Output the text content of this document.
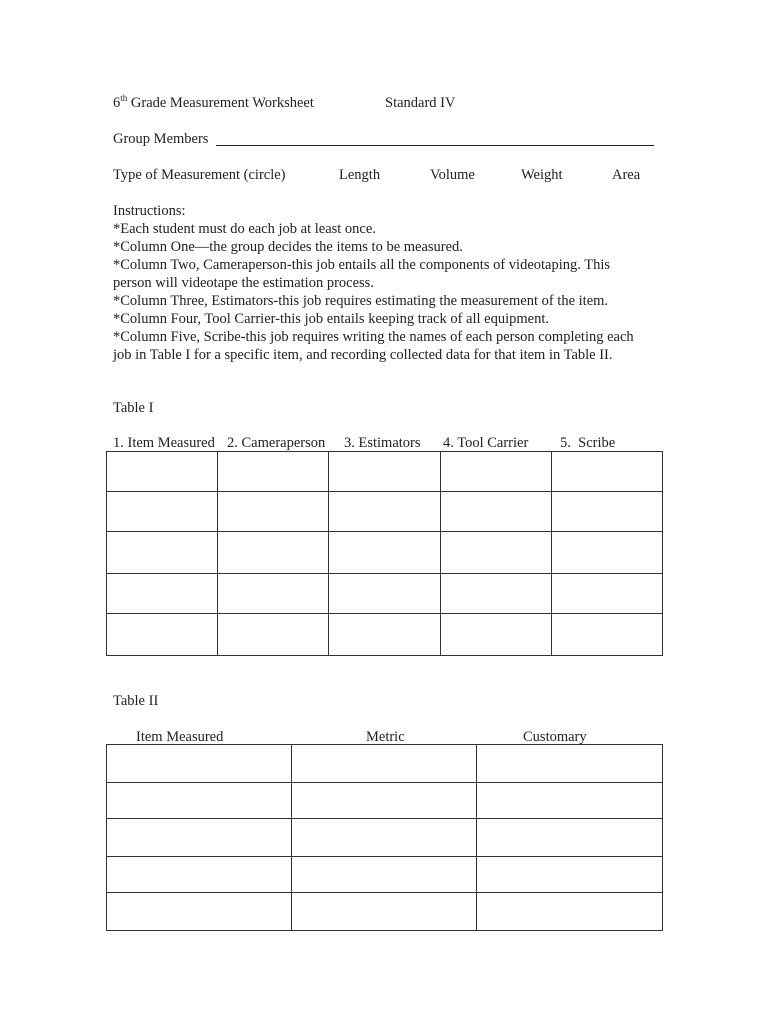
6th Grade Measurement Worksheet	Standard IV
Group Members
Type of Measurement (circle)	Length	Volume	Weight	Area
Instructions:
*Each student must do each job at least once.
*Column One—the group decides the items to be measured.
*Column Two, Cameraperson-this job entails all the components of videotaping. This
person will videotape the estimation process.
*Column Three, Estimators-this job requires estimating the measurement of the item.
*Column Four, Tool Carrier-this job entails keeping track of all equipment.
*Column Five, Scribe-this job requires writing the names of each person completing each
job in Table I for a specific item, and recording collected data for that item in Table II.
Table I
1. Item Measured 2. Cameraperson 3. Estimators 4. Tool Carrier 5.  Scribe

Table II
Item Measured	Metric	Customary
